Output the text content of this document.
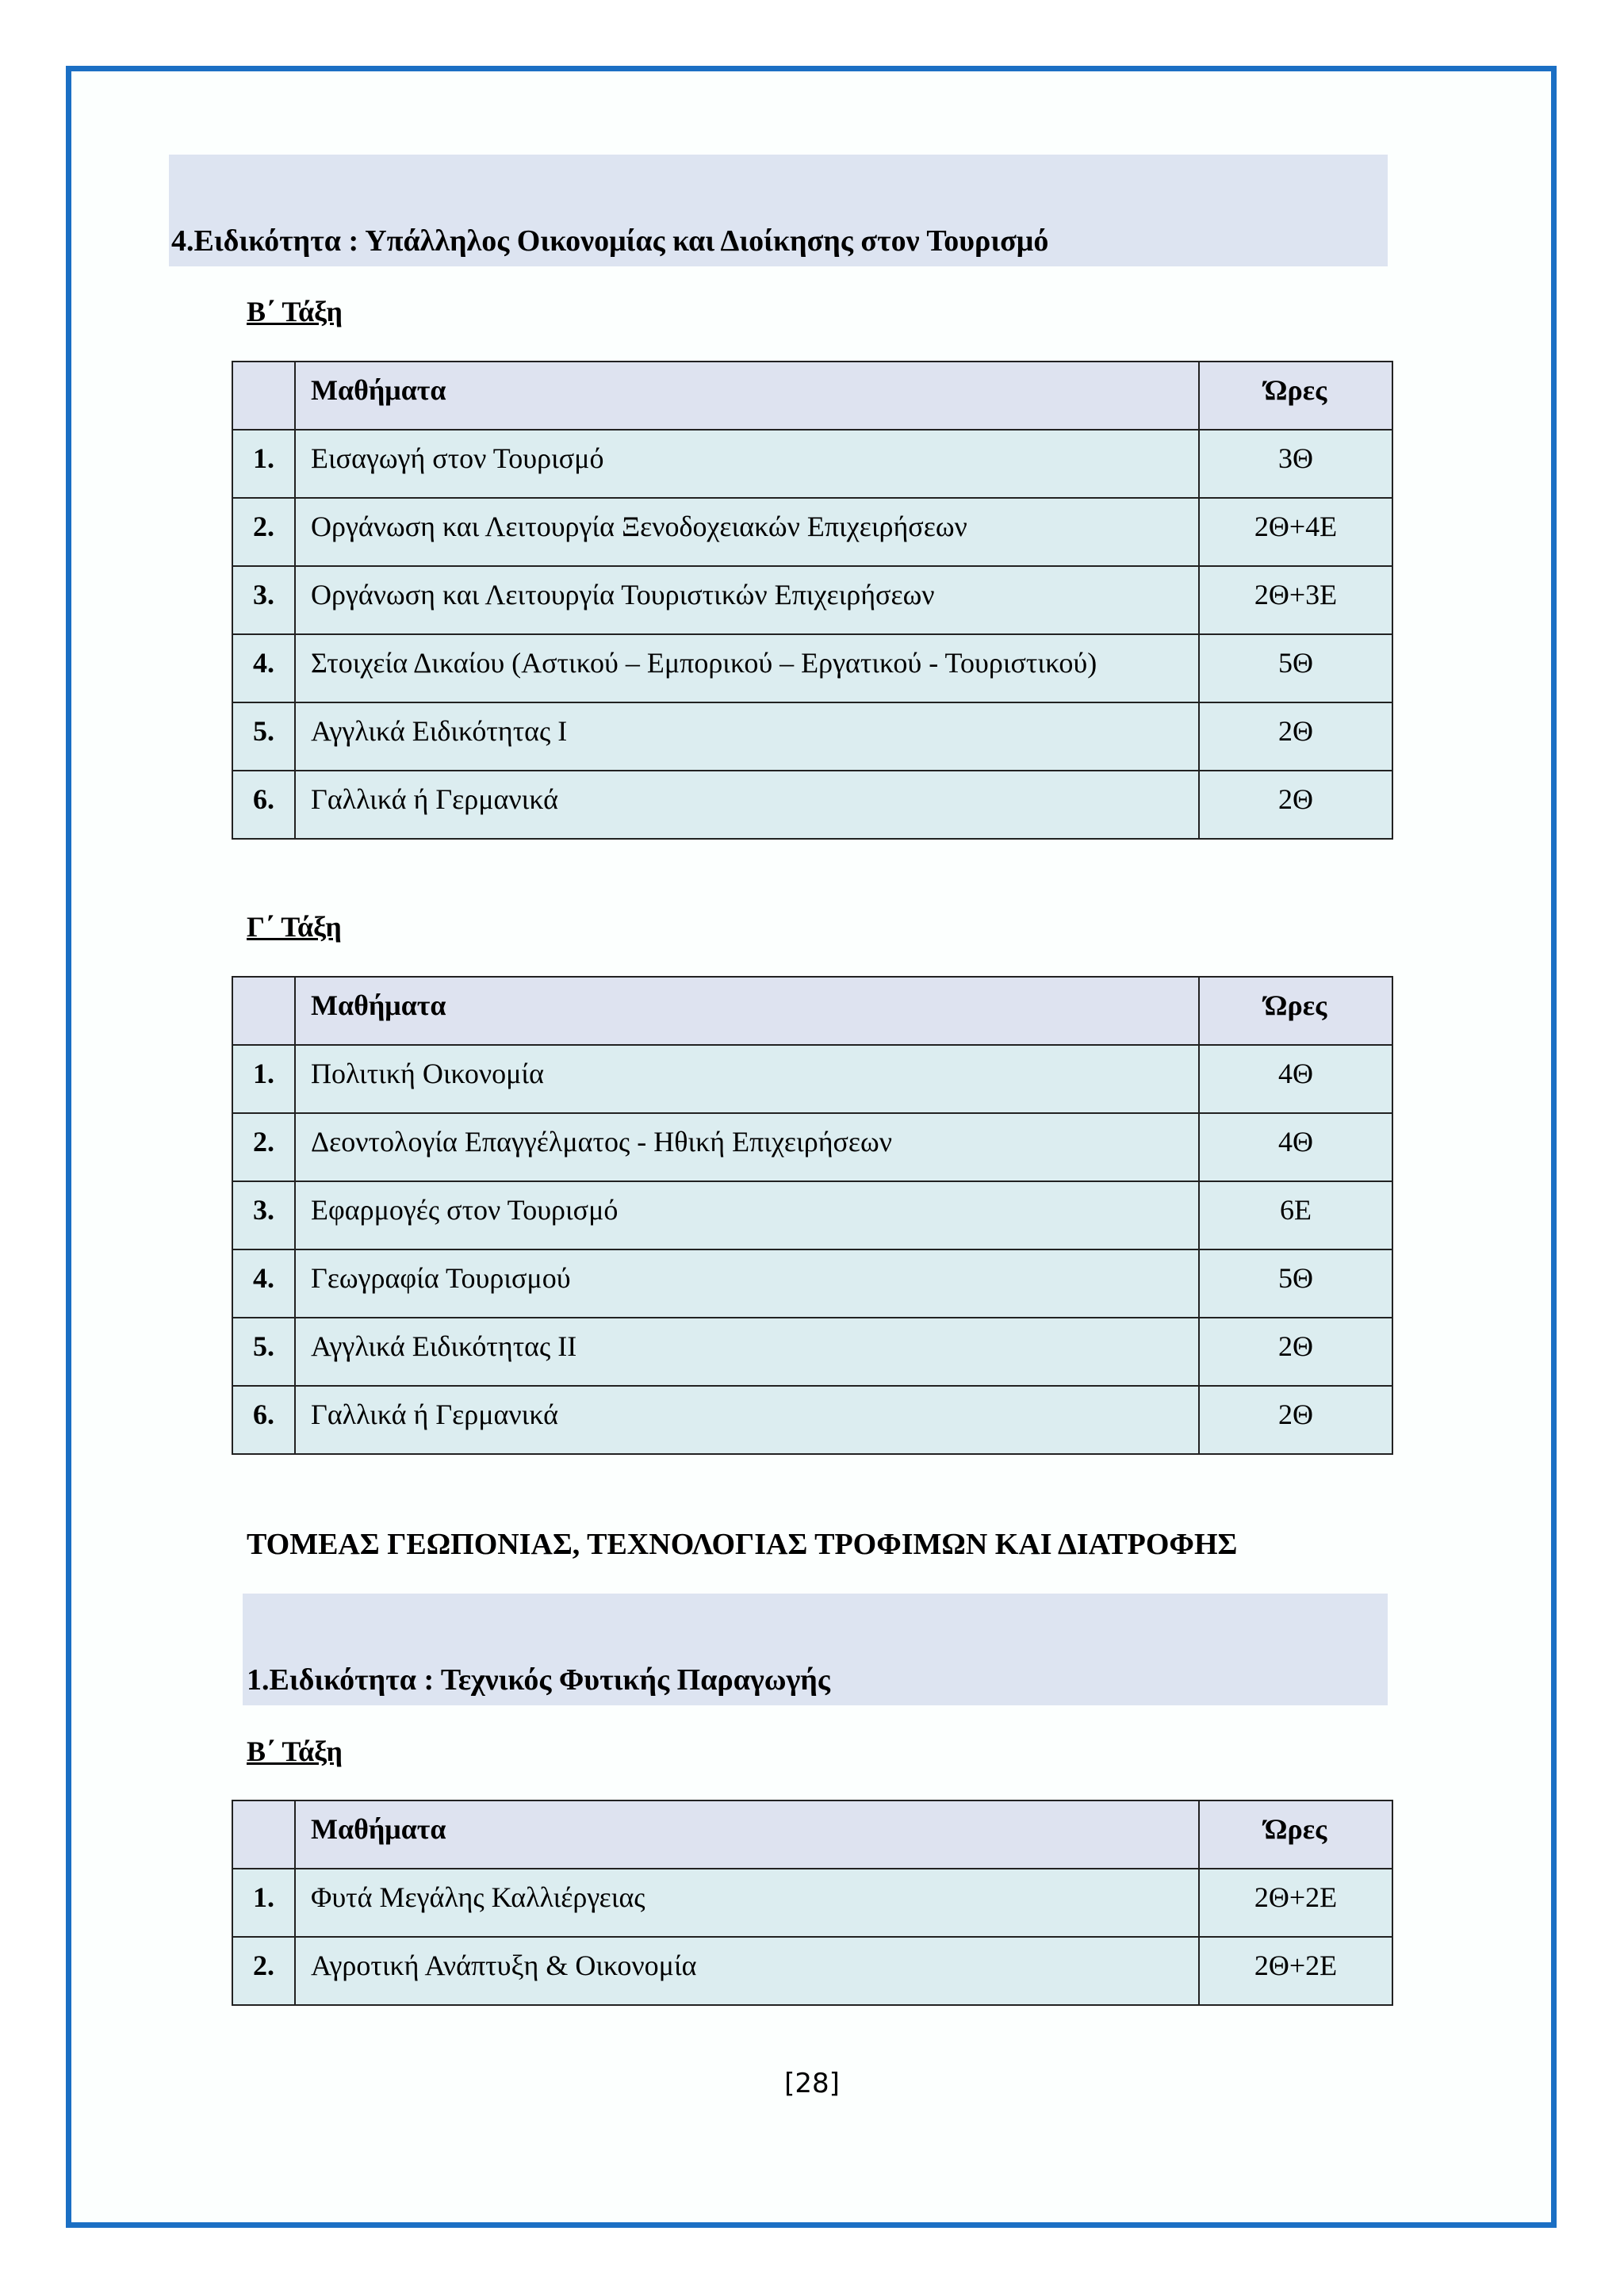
4.Ειδικότητα : Υπάλληλος Οικονομίας και Διοίκησης στον Τουρισμό
Β΄ Τάξη
	Μαθήματα	Ώρες
1.	Εισαγωγή στον Τουρισμό	3Θ
2.	Οργάνωση και Λειτουργία Ξενοδοχειακών Επιχειρήσεων	2Θ+4Ε
3.	Οργάνωση και Λειτουργία Τουριστικών Επιχειρήσεων	2Θ+3Ε
4.	Στοιχεία Δικαίου (Αστικού – Εμπορικού – Εργατικού - Τουριστικού)	5Θ
5.	Αγγλικά Ειδικότητας Ι	2Θ
6.	Γαλλικά ή Γερμανικά	2Θ
Γ΄ Τάξη
	Μαθήματα	Ώρες
1.	Πολιτική Οικονομία	4Θ
2.	Δεοντολογία Επαγγέλματος - Ηθική Επιχειρήσεων	4Θ
3.	Εφαρμογές στον Τουρισμό	6Ε
4.	Γεωγραφία Τουρισμού	5Θ
5.	Αγγλικά Ειδικότητας ΙΙ	2Θ
6.	Γαλλικά ή Γερμανικά	2Θ
ΤΟΜΕΑΣ ΓΕΩΠΟΝΙΑΣ, ΤΕΧΝΟΛΟΓΙΑΣ ΤΡΟΦΙΜΩΝ ΚΑΙ ΔΙΑΤΡΟΦΗΣ
1.Ειδικότητα : Τεχνικός Φυτικής Παραγωγής
Β΄ Τάξη
	Μαθήματα	Ώρες
1.	Φυτά Μεγάλης Καλλιέργειας	2Θ+2Ε
2.	Αγροτική Ανάπτυξη & Οικονομία	2Θ+2Ε
[28]
